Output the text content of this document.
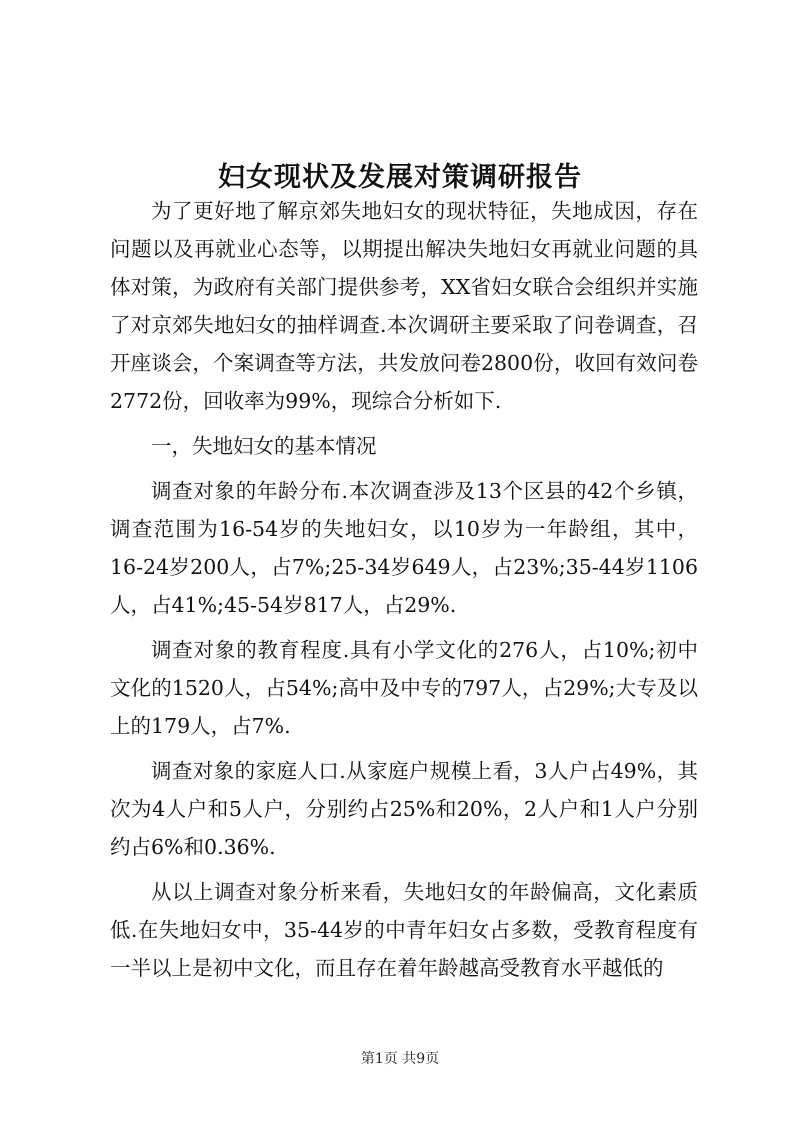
妇女现状及发展对策调研报告

为了更好地了解京郊失地妇女的现状特征，失地成因，存在问题以及再就业心态等，以期提出解决失地妇女再就业问题的具体对策，为政府有关部门提供参考，XX省妇女联合会组织并实施了对京郊失地妇女的抽样调查.本次调研主要采取了问卷调查，召开座谈会，个案调查等方法，共发放问卷2800份，收回有效问卷2772份，回收率为99%，现综合分析如下.

一，失地妇女的基本情况

调查对象的年龄分布.本次调查涉及13个区县的42个乡镇，调查范围为16-54岁的失地妇女，以10岁为一年龄组，其中，16-24岁200人，占7%;25-34岁649人，占23%;35-44岁1106人，占41%;45-54岁817人，占29%.

调查对象的教育程度.具有小学文化的276人，占10%;初中文化的1520人，占54%;高中及中专的797人，占29%;大专及以上的179人，占7%.

调查对象的家庭人口.从家庭户规模上看，3人户占49%，其次为4人户和5人户，分别约占25%和20%，2人户和1人户分别约占6%和0.36%.

从以上调查对象分析来看，失地妇女的年龄偏高，文化素质低.在失地妇女中，35-44岁的中青年妇女占多数，受教育程度有一半以上是初中文化，而且存在着年龄越高受教育水平越低的

第1页 共9页
